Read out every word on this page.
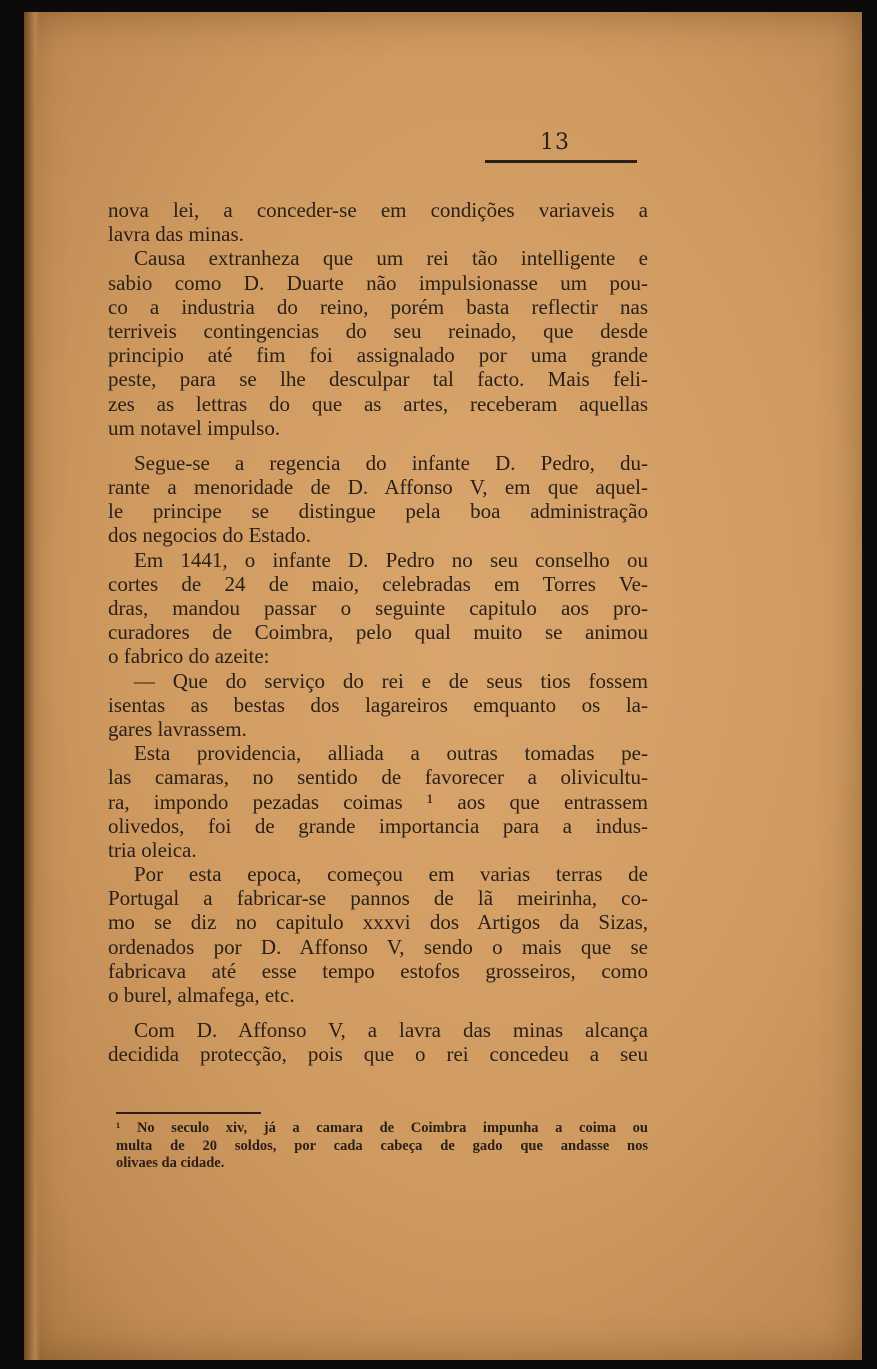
13
nova lei, a conceder-se em condições variaveis a
lavra das minas.
Causa extranheza que um rei tão intelligente e
sabio como D. Duarte não impulsionasse um pou-
co a industria do reino, porém basta reflectir nas
terriveis contingencias do seu reinado, que desde
principio até fim foi assignalado por uma grande
peste, para se lhe desculpar tal facto. Mais feli-
zes as lettras do que as artes, receberam aquellas
um notavel impulso.
Segue-se a regencia do infante D. Pedro, du-
rante a menoridade de D. Affonso V, em que aquel-
le principe se distingue pela boa administração
dos negocios do Estado.
Em 1441, o infante D. Pedro no seu conselho ou
cortes de 24 de maio, celebradas em Torres Ve-
dras, mandou passar o seguinte capitulo aos pro-
curadores de Coimbra, pelo qual muito se animou
o fabrico do azeite:
— Que do serviço do rei e de seus tios fossem
isentas as bestas dos lagareiros emquanto os la-
gares lavrassem.
Esta providencia, alliada a outras tomadas pe-
las camaras, no sentido de favorecer a olivicultu-
ra, impondo pezadas coimas ¹ aos que entrassem
olivedos, foi de grande importancia para a indus-
tria oleica.
Por esta epoca, começou em varias terras de
Portugal a fabricar-se pannos de lã meirinha, co-
mo se diz no capitulo xxxvi dos Artigos da Sizas,
ordenados por D. Affonso V, sendo o mais que se
fabricava até esse tempo estofos grosseiros, como
o burel, almafega, etc.
Com D. Affonso V, a lavra das minas alcança
decidida protecção, pois que o rei concedeu a seu
¹ No seculo xiv, já a camara de Coimbra impunha a coima ou
multa de 20 soldos, por cada cabeça de gado que andasse nos
olivaes da cidade.
